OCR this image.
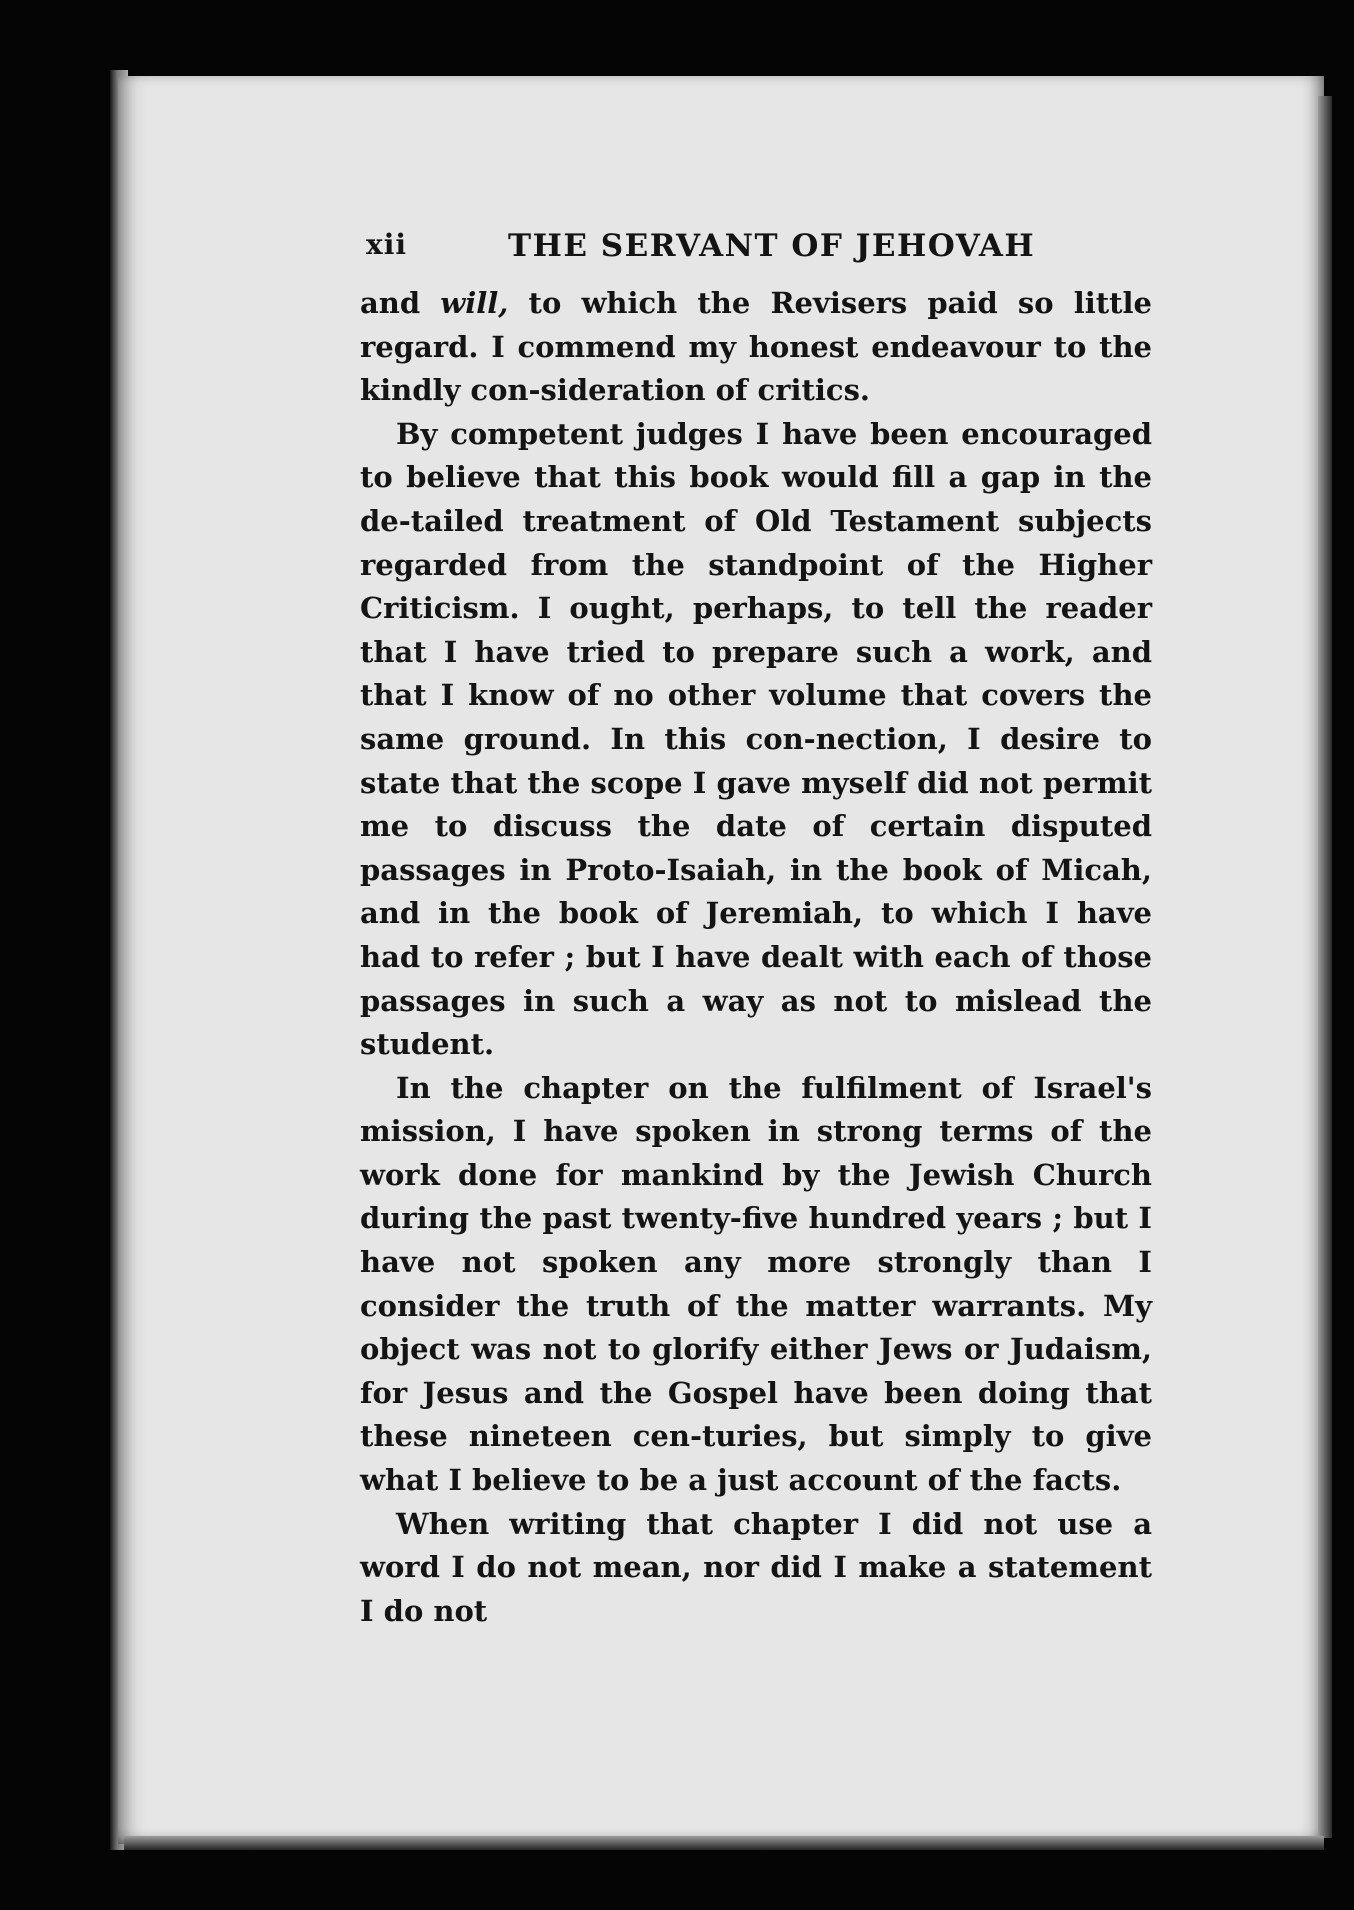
xii	THE SERVANT OF JEHOVAH

and will, to which the Revisers paid so little regard. I commend my honest endeavour to the kindly con-sideration of critics.

By competent judges I have been encouraged to believe that this book would fill a gap in the de-tailed treatment of Old Testament subjects regarded from the standpoint of the Higher Criticism. I ought, perhaps, to tell the reader that I have tried to prepare such a work, and that I know of no other volume that covers the same ground. In this con-nection, I desire to state that the scope I gave myself did not permit me to discuss the date of certain disputed passages in Proto-Isaiah, in the book of Micah, and in the book of Jeremiah, to which I have had to refer ; but I have dealt with each of those passages in such a way as not to mislead the student.

In the chapter on the fulfilment of Israel's mission, I have spoken in strong terms of the work done for mankind by the Jewish Church during the past twenty-five hundred years ; but I have not spoken any more strongly than I consider the truth of the matter warrants. My object was not to glorify either Jews or Judaism, for Jesus and the Gospel have been doing that these nineteen cen-turies, but simply to give what I believe to be a just account of the facts.

When writing that chapter I did not use a word I do not mean, nor did I make a statement I do not
